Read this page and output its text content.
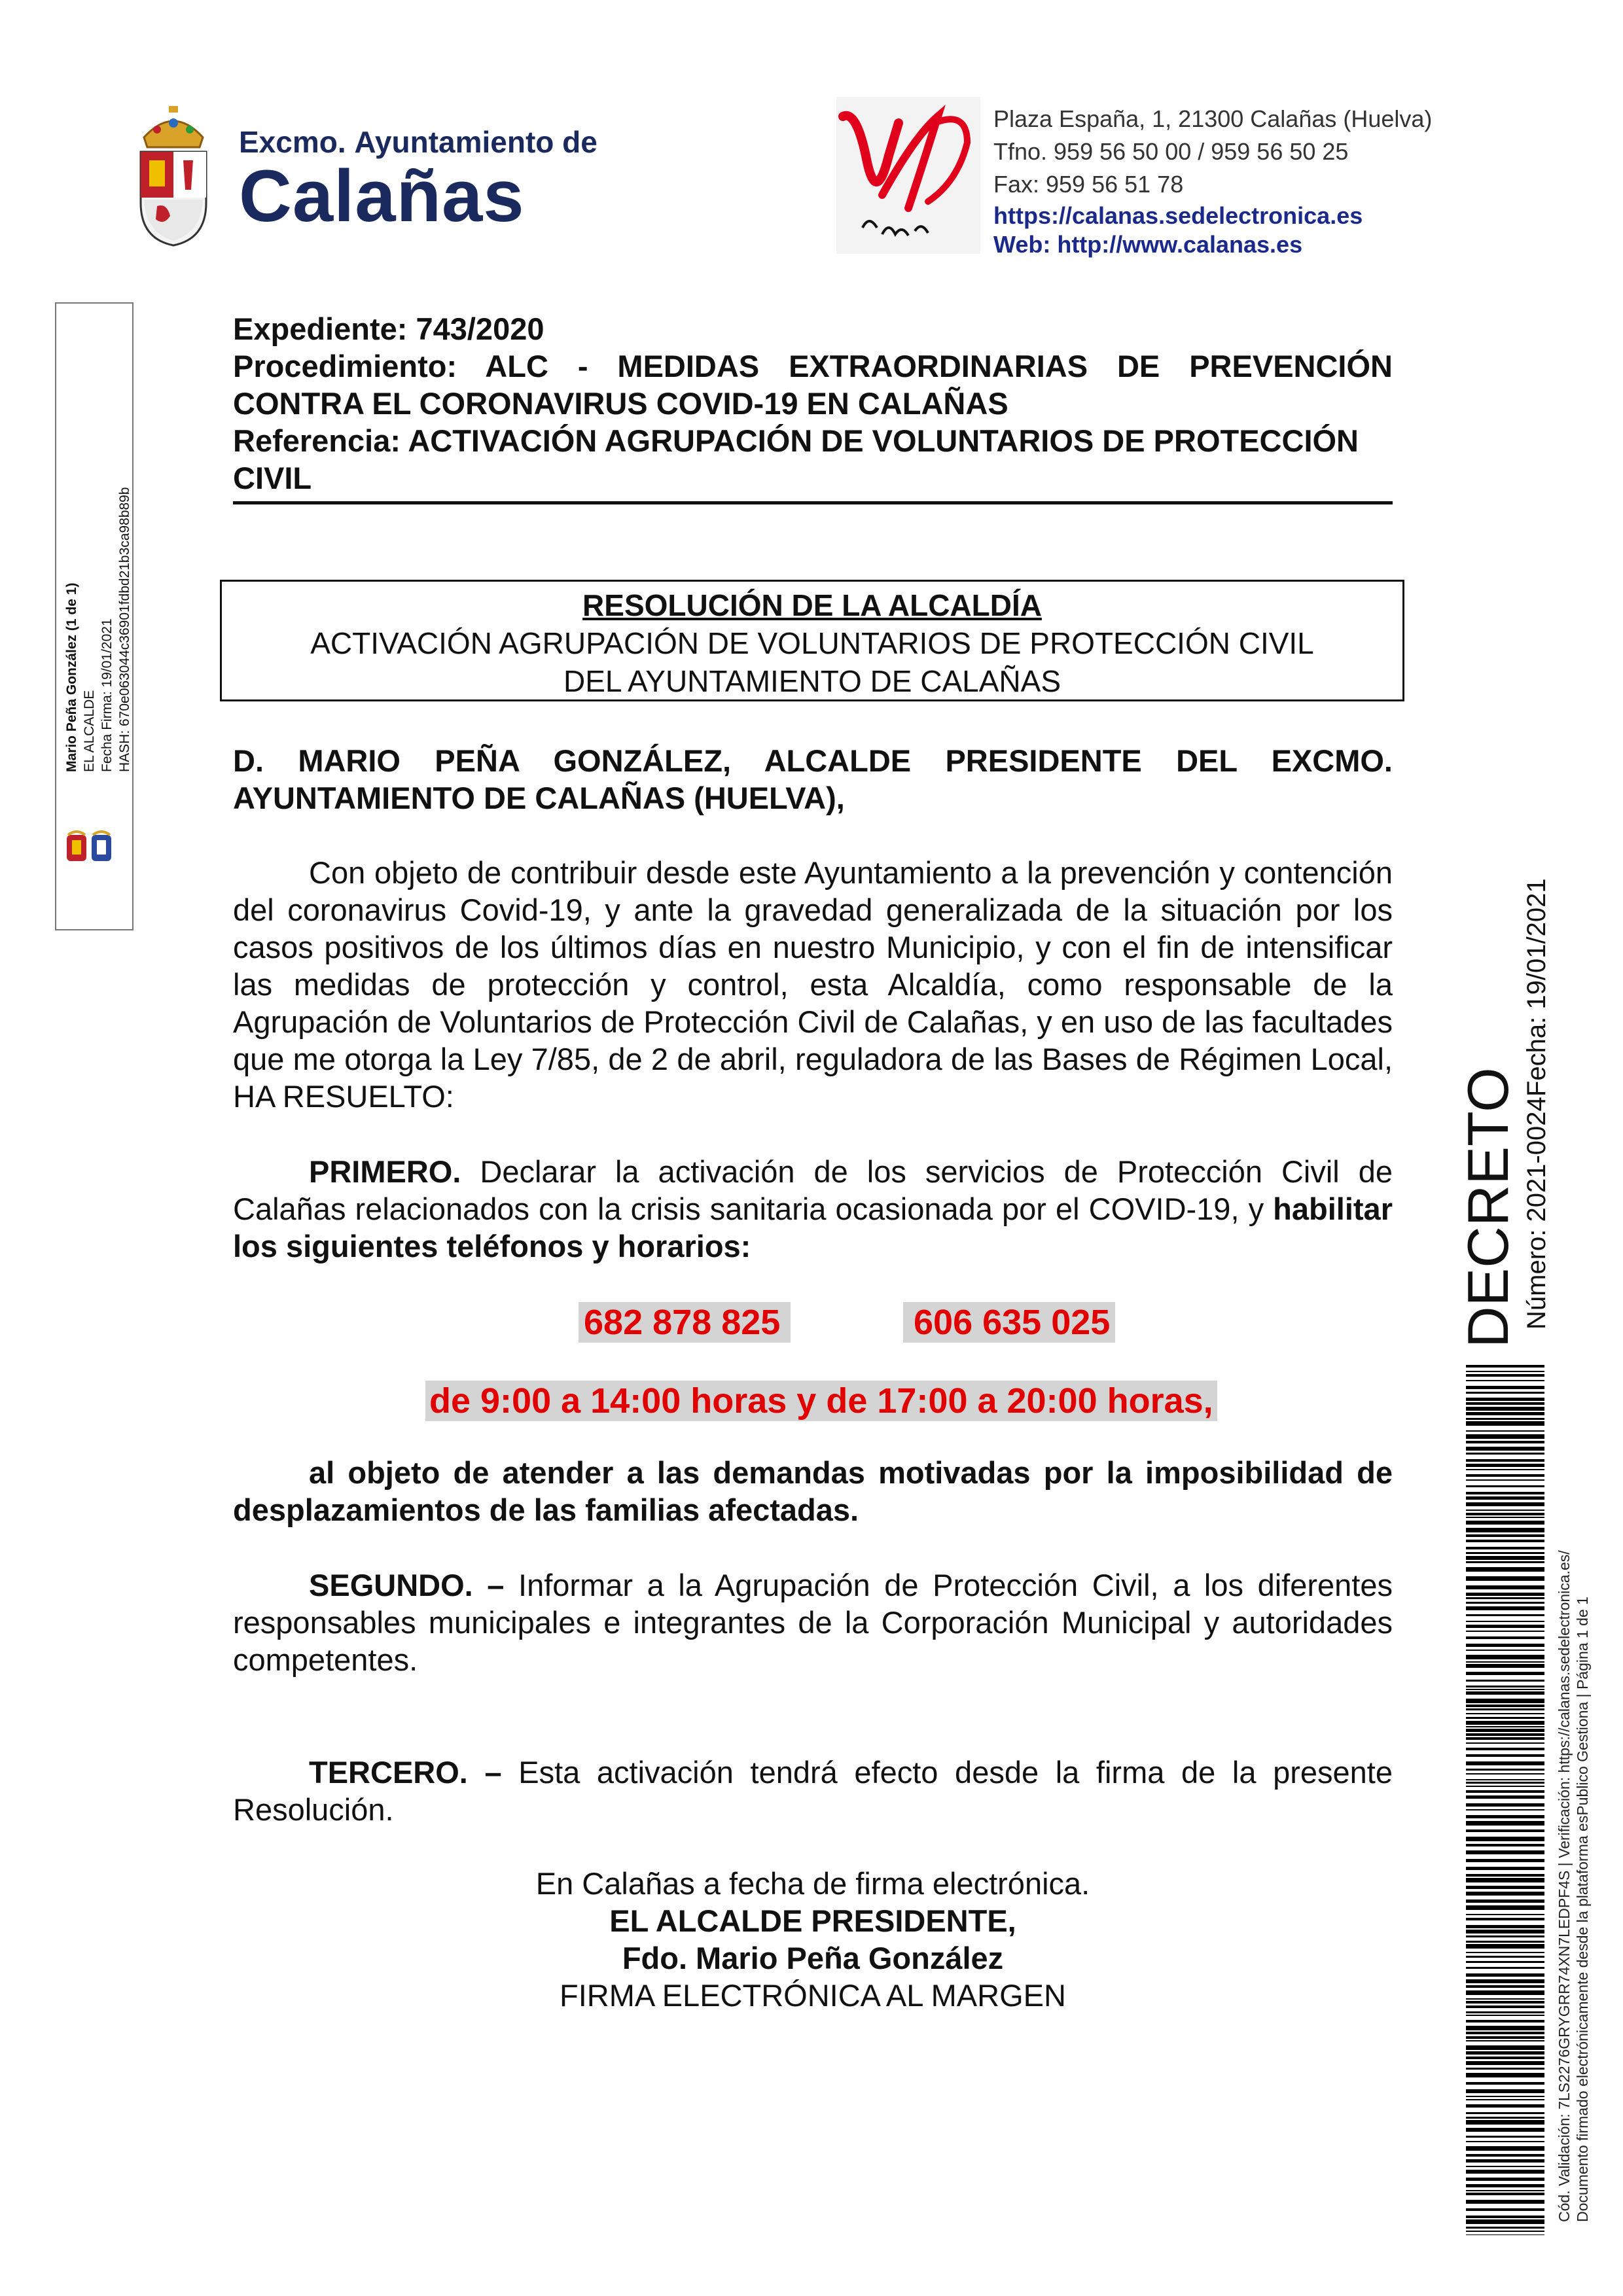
Excmo. Ayuntamiento de
Calañas
Plaza España, 1, 21300 Calañas (Huelva)
Tfno. 959 56 50 00 / 959 56 50 25
Fax: 959 56 51 78
https://calanas.sedelectronica.es
Web: http://www.calanas.es
Mario Peña González (1 de 1) EL ALCALDE Fecha Firma: 19/01/2021 HASH: 670e063044c36901fdbd21b3ca98b89b
Expediente: 743/2020
Procedimiento: ALC - MEDIDAS EXTRAORDINARIAS DE PREVENCIÓN CONTRA EL CORONAVIRUS COVID-19 EN CALAÑAS
Referencia: ACTIVACIÓN AGRUPACIÓN DE VOLUNTARIOS DE PROTECCIÓN CIVIL
RESOLUCIÓN DE LA ALCALDÍA
ACTIVACIÓN AGRUPACIÓN DE VOLUNTARIOS DE PROTECCIÓN CIVIL
DEL AYUNTAMIENTO DE CALAÑAS
D. MARIO PEÑA GONZÁLEZ, ALCALDE PRESIDENTE DEL EXCMO. AYUNTAMIENTO DE CALAÑAS (HUELVA),
Con objeto de contribuir desde este Ayuntamiento a la prevención y contención del coronavirus Covid-19, y ante la gravedad generalizada de la situación por los casos positivos de los últimos días en nuestro Municipio, y con el fin de intensificar las medidas de protección y control, esta Alcaldía, como responsable de la Agrupación de Voluntarios de Protección Civil de Calañas, y en uso de las facultades que me otorga la Ley 7/85, de 2 de abril, reguladora de las Bases de Régimen Local, HA RESUELTO:
PRIMERO. Declarar la activación de los servicios de Protección Civil de Calañas relacionados con la crisis sanitaria ocasionada por el COVID-19, y habilitar los siguientes teléfonos y horarios:
682 878 825	606 635 025
de 9:00 a 14:00 horas y de 17:00 a 20:00 horas,
al objeto de atender a las demandas motivadas por la imposibilidad de desplazamientos de las familias afectadas.
SEGUNDO. – Informar a la Agrupación de Protección Civil, a los diferentes responsables municipales e integrantes de la Corporación Municipal y autoridades competentes.
TERCERO. – Esta activación tendrá efecto desde la firma de la presente Resolución.
En Calañas a fecha de firma electrónica.
EL ALCALDE PRESIDENTE,
Fdo. Mario Peña González
FIRMA ELECTRÓNICA AL MARGEN
DECRETO Número: 2021-0024
Fecha: 19/01/2021
Cód. Validación: 7LS2276GRYGRR74XN7LEDPF4S | Verificación: https://calanas.sedelectronica.es/ Documento firmado electrónicamente desde la plataforma esPublico Gestiona | Página 1 de 1
